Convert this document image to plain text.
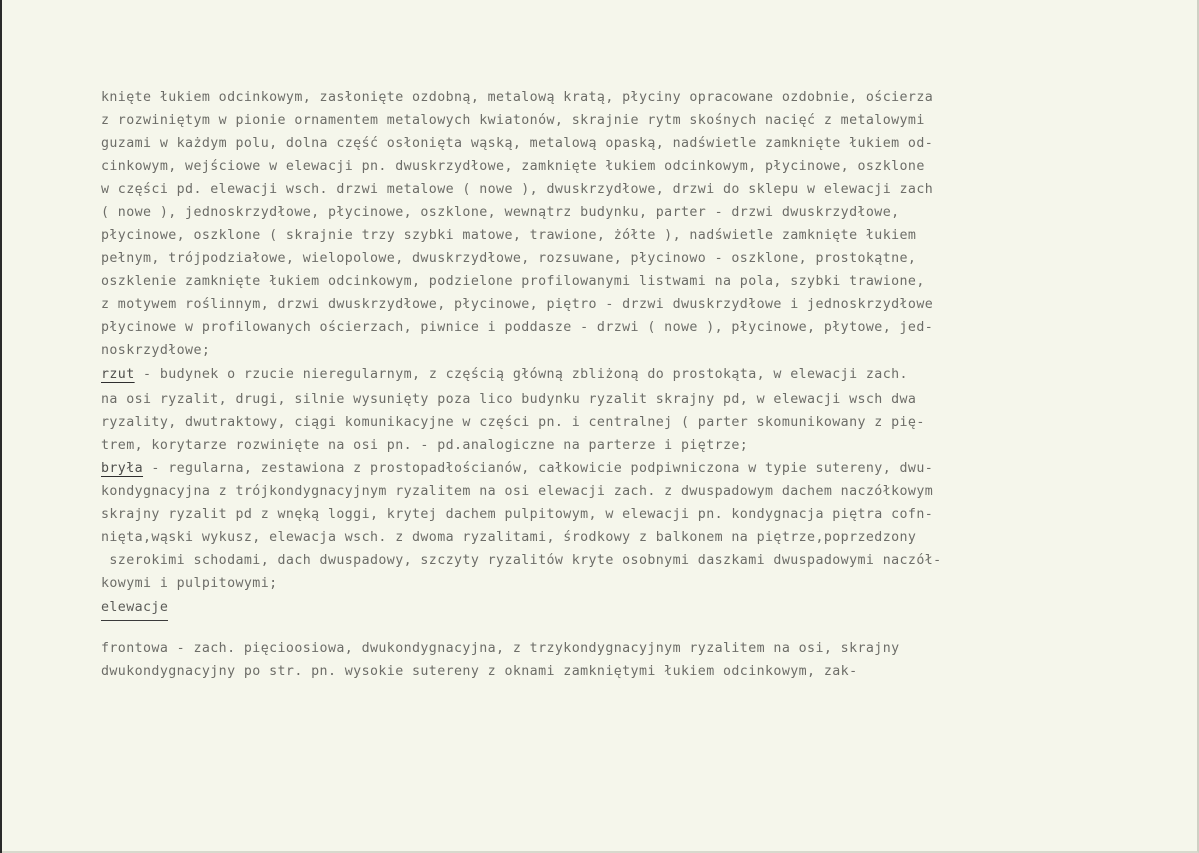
knięte łukiem odcinkowym, zasłonięte ozdobną, metalową kratą, płyciny opracowane ozdobnie, ościerza
z rozwiniętym w pionie ornamentem metalowych kwiatonów, skrajnie rytm skośnych nacięć z metalowymi
guzami w każdym polu, dolna część osłonięta wąską, metalową opaską, nadświetle zamknięte łukiem od-
cinkowym, wejściowe w elewacji pn. dwuskrzydłowe, zamknięte łukiem odcinkowym, płycinowe, oszklone
w części pd. elewacji wsch. drzwi metalowe ( nowe ), dwuskrzydłowe, drzwi do sklepu w elewacji zach
( nowe ), jednoskrzydłowe, płycinowe, oszklone, wewnątrz budynku, parter - drzwi dwuskrzydłowe,
płycinowe, oszklone ( skrajnie trzy szybki matowe, trawione, żółte ), nadświetle zamknięte łukiem
pełnym, trójpodziałowe, wielopolowe, dwuskrzydłowe, rozsuwane, płycinowo - oszklone, prostokątne,
oszklenie zamknięte łukiem odcinkowym, podzielone profilowanymi listwami na pola, szybki trawione,
z motywem roślinnym, drzwi dwuskrzydłowe, płycinowe, piętro - drzwi dwuskrzydłowe i jednoskrzydłowe
płycinowe w profilowanych ościerzach, piwnice i poddasze - drzwi ( nowe ), płycinowe, płytowe, jed-
noskrzydłowe;
rzut - budynek o rzucie nieregularnym, z częścią główną zbliżoną do prostokąta, w elewacji zach.
na osi ryzalit, drugi, silnie wysunięty poza lico budynku ryzalit skrajny pd, w elewacji wsch dwa
ryzality, dwutraktowy, ciągi komunikacyjne w części pn. i centralnej ( parter skomunikowany z pię-
trem, korytarze rozwinięte na osi pn. - pd.analogiczne na parterze i piętrze;
bryła - regularna, zestawiona z prostopadłościanów, całkowicie podpiwniczona w typie sutereny, dwu-
kondygnacyjna z trójkondygnacyjnym ryzalitem na osi elewacji zach. z dwuspadowym dachem naczółkowym
skrajny ryzalit pd z wnęką loggi, krytej dachem pulpitowym, w elewacji pn. kondygnacja piętra cofn-
nięta,wąski wykusz, elewacja wsch. z dwoma ryzalitami, środkowy z balkonem na piętrze,poprzedzony
szerokimi schodami, dach dwuspadowy, szczyty ryzalitów kryte osobnymi daszkami dwuspadowymi naczół-
kowymi i pulpitowymi;
elewacje
frontowa - zach. pięcioosiowa, dwukondygnacyjna, z trzykondygnacyjnym ryzalitem na osi, skrajny
dwukondygnacyjny po str. pn. wysokie sutereny z oknami zamkniętymi łukiem odcinkowym, zak-
